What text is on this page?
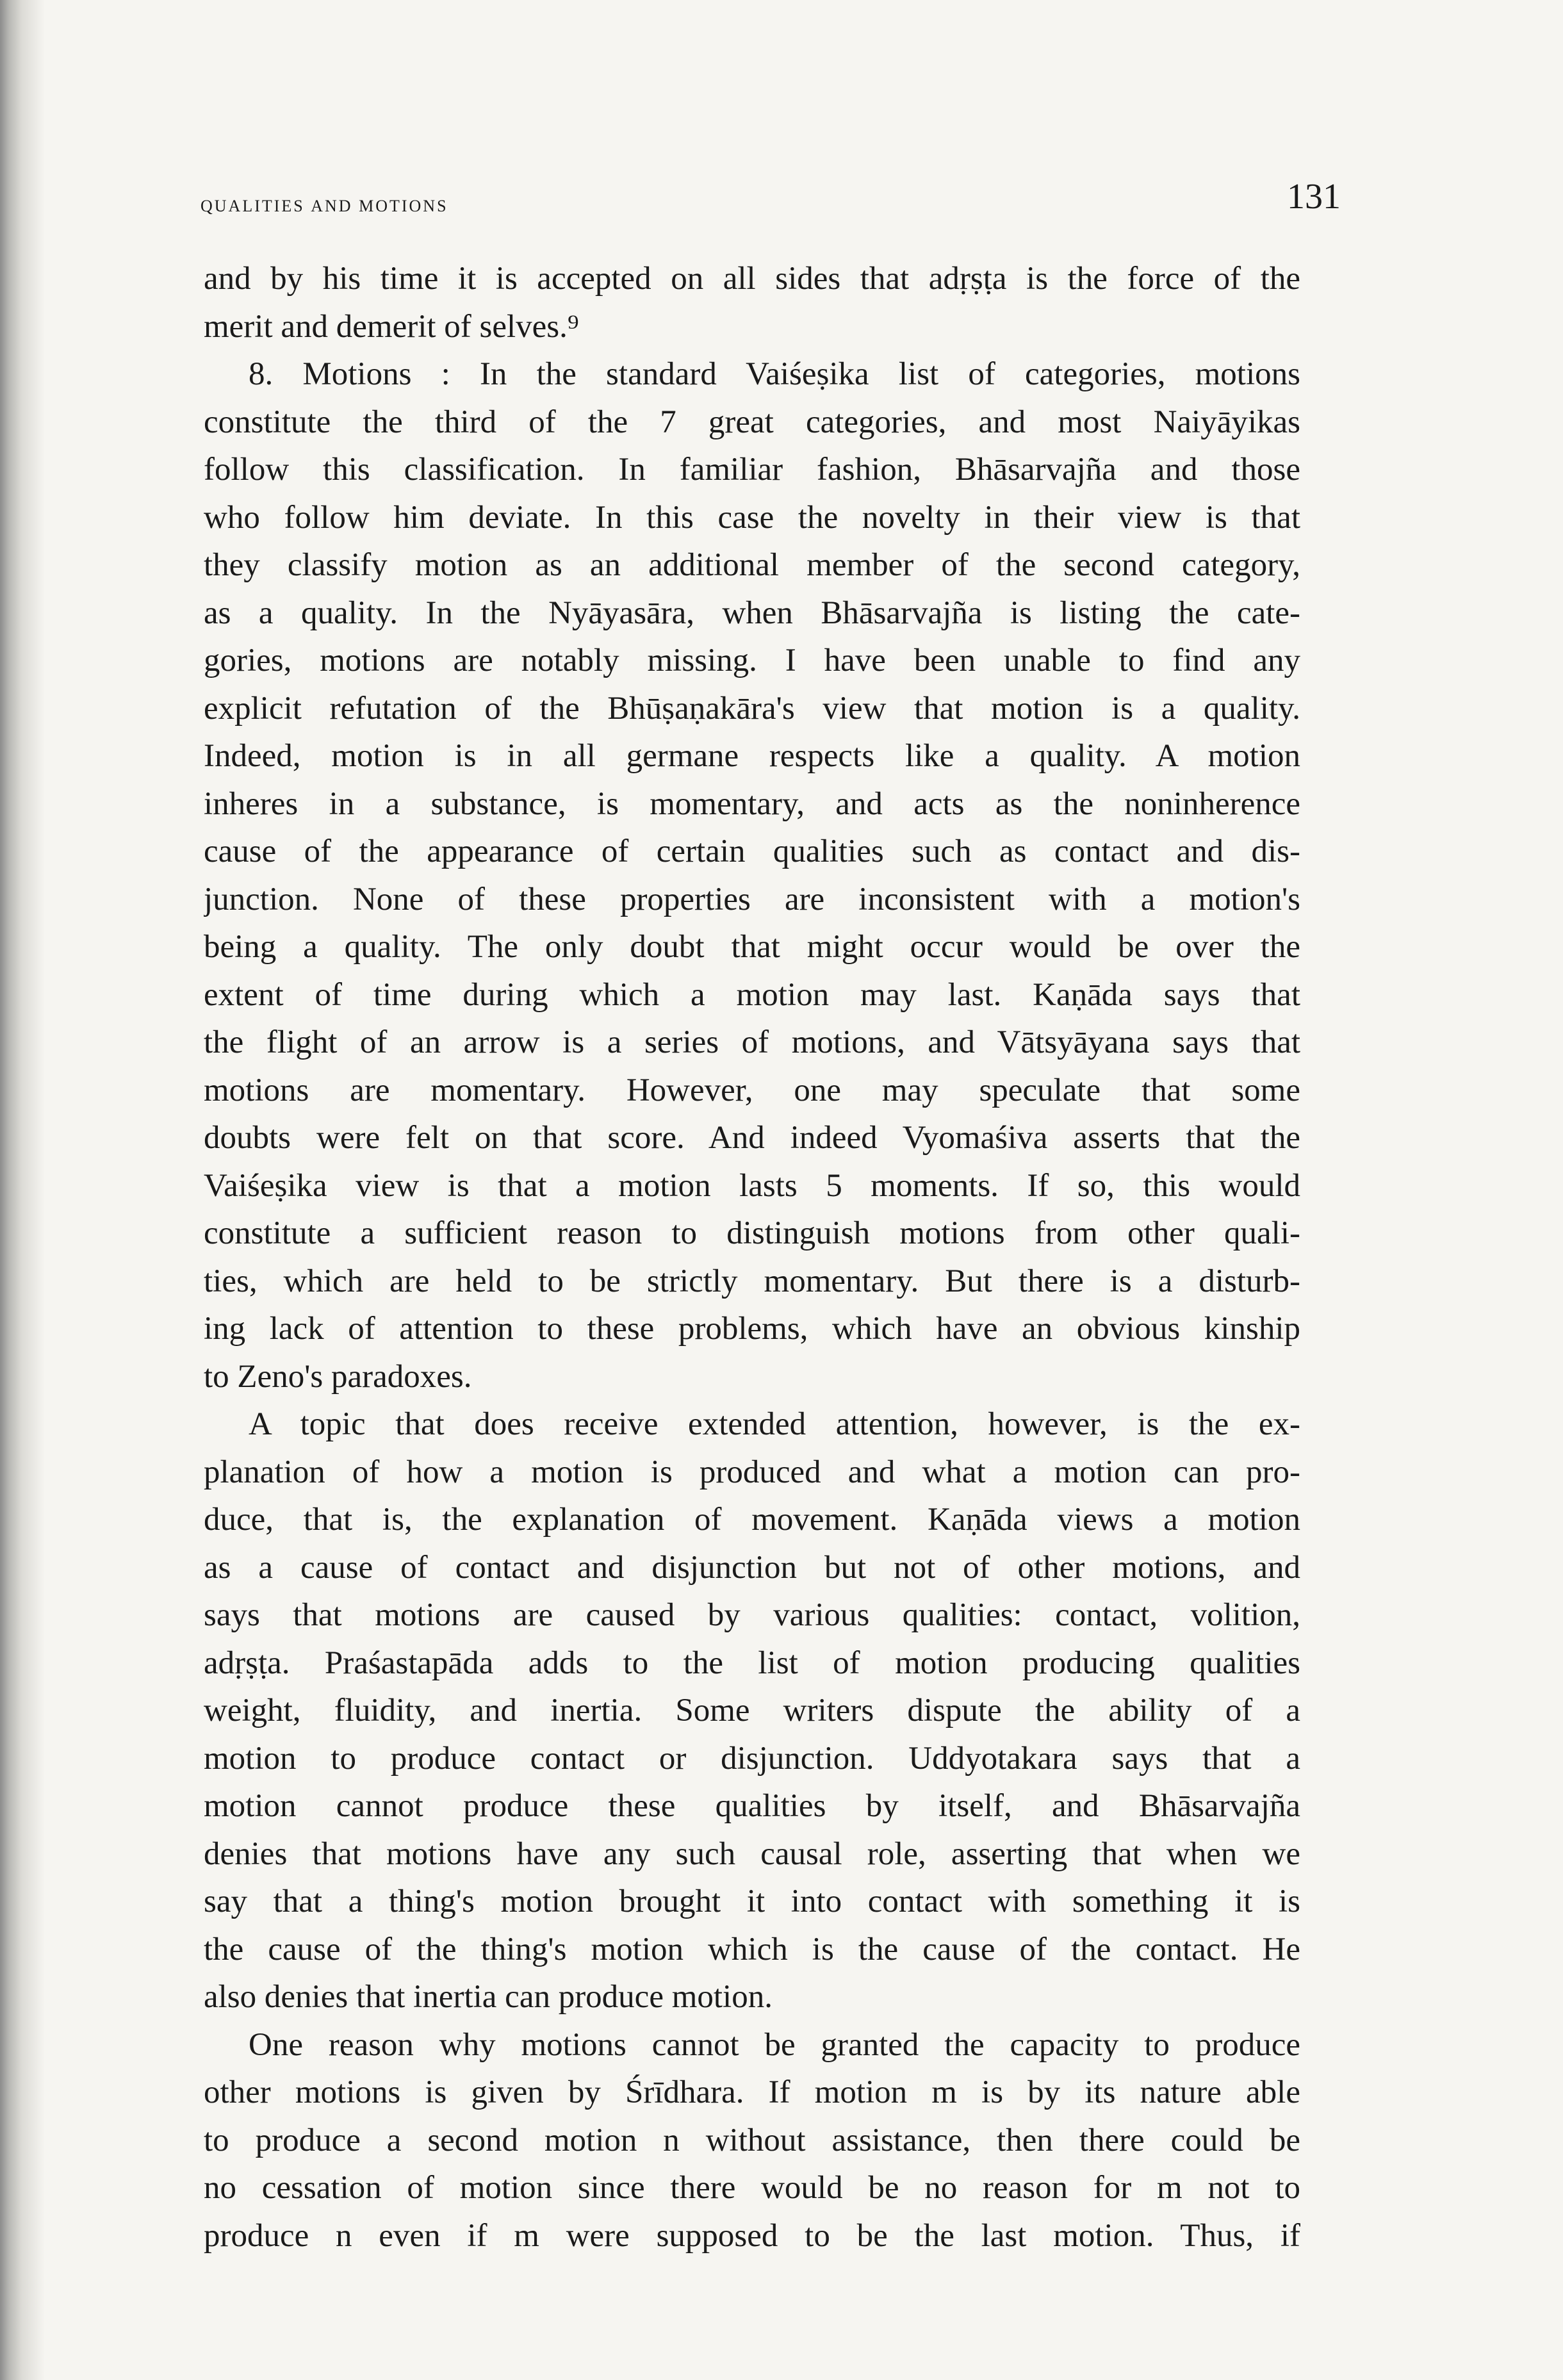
qualities and motions	131
and by his time it is accepted on all sides that adṛṣṭa is the force of the
merit and demerit of selves.⁹
8. Motions : In the standard Vaiśeṣika list of categories, motions
constitute the third of the 7 great categories, and most Naiyāyikas
follow this classification. In familiar fashion, Bhāsarvajña and those
who follow him deviate. In this case the novelty in their view is that
they classify motion as an additional member of the second category,
as a quality. In the Nyāyasāra, when Bhāsarvajña is listing the cate-
gories, motions are notably missing. I have been unable to find any
explicit refutation of the Bhūṣaṇakāra's view that motion is a quality.
Indeed, motion is in all germane respects like a quality. A motion
inheres in a substance, is momentary, and acts as the noninherence
cause of the appearance of certain qualities such as contact and dis-
junction. None of these properties are inconsistent with a motion's
being a quality. The only doubt that might occur would be over the
extent of time during which a motion may last. Kaṇāda says that
the flight of an arrow is a series of motions, and Vātsyāyana says that
motions are momentary. However, one may speculate that some
doubts were felt on that score. And indeed Vyomaśiva asserts that the
Vaiśeṣika view is that a motion lasts 5 moments. If so, this would
constitute a sufficient reason to distinguish motions from other quali-
ties, which are held to be strictly momentary. But there is a disturb-
ing lack of attention to these problems, which have an obvious kinship
to Zeno's paradoxes.
A topic that does receive extended attention, however, is the ex-
planation of how a motion is produced and what a motion can pro-
duce, that is, the explanation of movement. Kaṇāda views a motion
as a cause of contact and disjunction but not of other motions, and
says that motions are caused by various qualities: contact, volition,
adṛṣṭa. Praśastapāda adds to the list of motion producing qualities
weight, fluidity, and inertia. Some writers dispute the ability of a
motion to produce contact or disjunction. Uddyotakara says that a
motion cannot produce these qualities by itself, and Bhāsarvajña
denies that motions have any such causal role, asserting that when we
say that a thing's motion brought it into contact with something it is
the cause of the thing's motion which is the cause of the contact. He
also denies that inertia can produce motion.
One reason why motions cannot be granted the capacity to produce
other motions is given by Śrīdhara. If motion m is by its nature able
to produce a second motion n without assistance, then there could be
no cessation of motion since there would be no reason for m not to
produce n even if m were supposed to be the last motion. Thus, if
